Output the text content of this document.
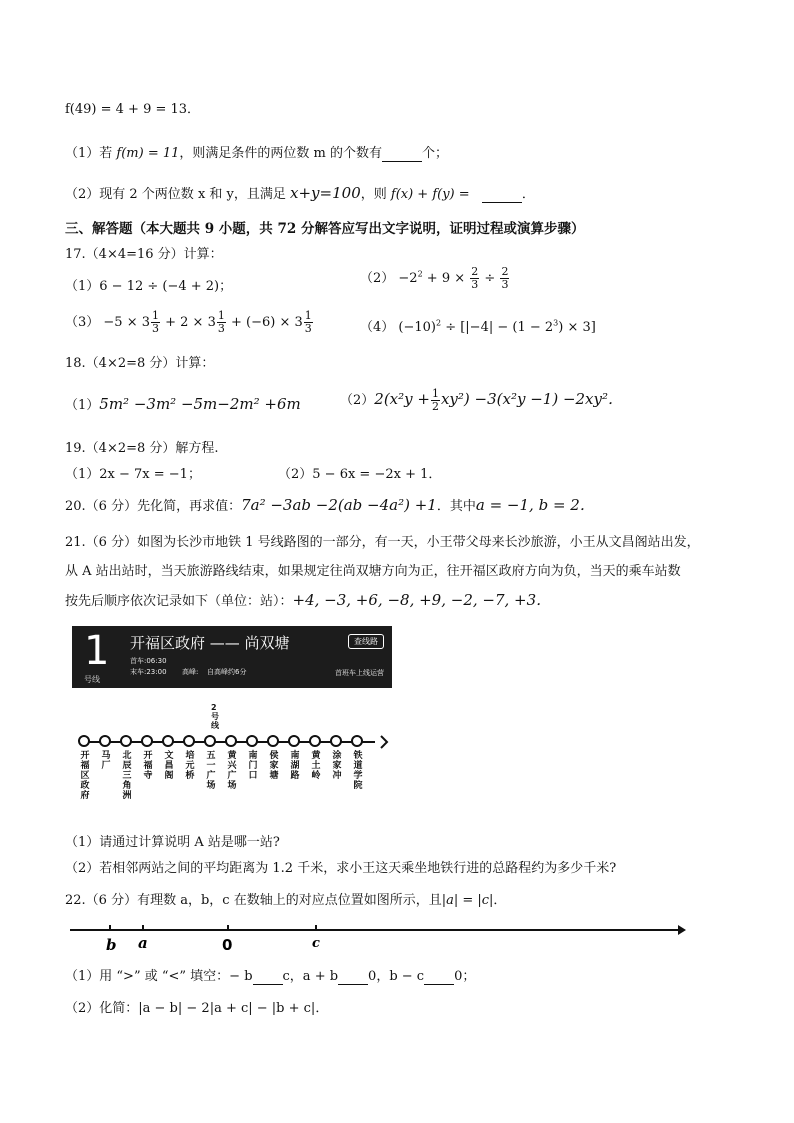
f(49) = 4 + 9 = 13．
（1）若 f(m) = 11，则满足条件的两位数 m 的个数有	个；
（2）现有 2 个两位数 x 和 y，且满足 x+y=100，则 f(x) + f(y) =	．
三、解答题（本大题共 9 小题，共 72 分解答应写出文字说明，证明过程或演算步骤）
17.（4×4=16 分）计算：
（1）6 − 12 ÷ (−4 + 2)；
$(2) -2^2 + 9 \times \frac{2}{3} \div \frac{2}{3}$
$(3) -5 \times 3 \frac{1}{3} + 2 \times 3 \frac{1}{3} + (-6) \times 3 \frac{1}{3}$	（4） $(-10)^2 \div [|-4| - (1 - 2^3) \times 3]$
18.（4×2=8 分）计算：
（1）5m² −3m² −5m−2m² +6m	$(2)2(x^2y + \frac{1}{2} xy^2) -3(x^2y -1) -2xy^2$．
19.（4×2=8 分）解方程.
（1）2x − 7x = −1；	（2）5 − 6x = −2x + 1．
20.（6 分）先化简，再求值：7a² −3ab −2(ab −4a²) +1．其中a = −1, b = 2．
21.（6 分）如图为长沙市地铁 1 号线路图的一部分，有一天，小王带父母来长沙旅游，小王从文昌阁站出发，
从 A 站出站时，当天旅游路线结束，如果规定往尚双塘方向为正，往开福区政府方向为负，当天的乘车站数
按先后顺序依次记录如下（单位：站）：+4, −3, +6, −8, +9, −2, −7, +3．
1
号线
开福区政府 —— 尚双塘
首车:06:30
末车:23:00 高峰: 自高峰约6分
查线路
首班车上线运营
2号线
开福区政府
马厂
北辰三角洲
开福寺
文昌阁
培元桥
五一广场
黄兴广场
南门口
侯家塘
南湖路
黄土岭
涂家冲
铁道学院
（1）请通过计算说明 A 站是哪一站?
（2）若相邻两站之间的平均距离为 1.2 千米，求小王这天乘坐地铁行进的总路程约为多少千米?
22.（6 分）有理数 a，b，c 在数轴上的对应点位置如图所示，且|a| = |c|．
b a	0	c
（1）用 “>” 或 “<” 填空：− b c，a + b 0，b − c 0；
（2）化简：|a − b| − 2|a + c| − |b + c|．
